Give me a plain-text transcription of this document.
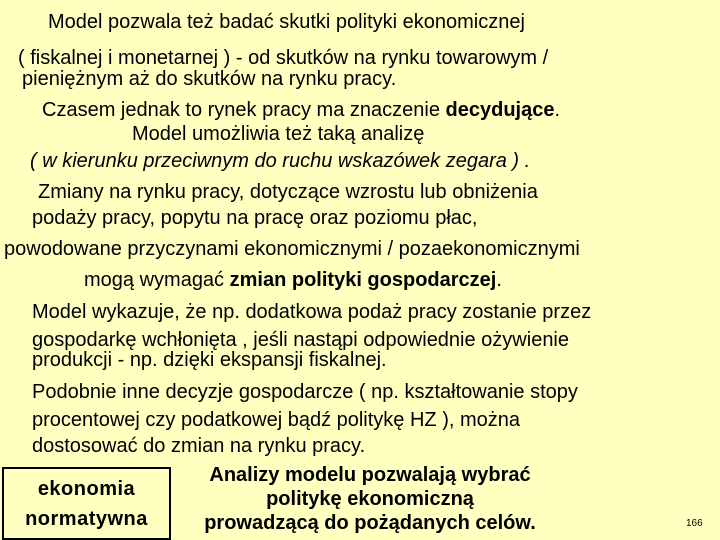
Model pozwala też badać skutki polityki ekonomicznej

( fiskalnej i monetarnej ) - od skutków na rynku towarowym /

pieniężnym aż do skutków na rynku pracy.

Czasem jednak to rynek pracy ma znaczenie decydujące.

Model umożliwia też taką analizę

( w kierunku przeciwnym do ruchu wskazówek zegara ) .

Zmiany na rynku pracy, dotyczące wzrostu lub obniżenia

podaży pracy, popytu na pracę oraz poziomu płac,

powodowane przyczynami ekonomicznymi / pozaekonomicznymi

mogą wymagać zmian polityki gospodarczej.

Model wykazuje, że np. dodatkowa podaż pracy zostanie przez

gospodarkę wchłonięta , jeśli nastąpi odpowiednie ożywienie

produkcji - np. dzięki ekspansji fiskalnej.

Podobnie inne decyzje gospodarcze ( np. kształtowanie stopy

procentowej czy podatkowej bądź politykę HZ ), można

dostosować do zmian na rynku pracy.

Analizy modelu pozwalają wybrać

politykę ekonomiczną

prowadzącą do pożądanych celów.

ekonomia
normatywna	166
